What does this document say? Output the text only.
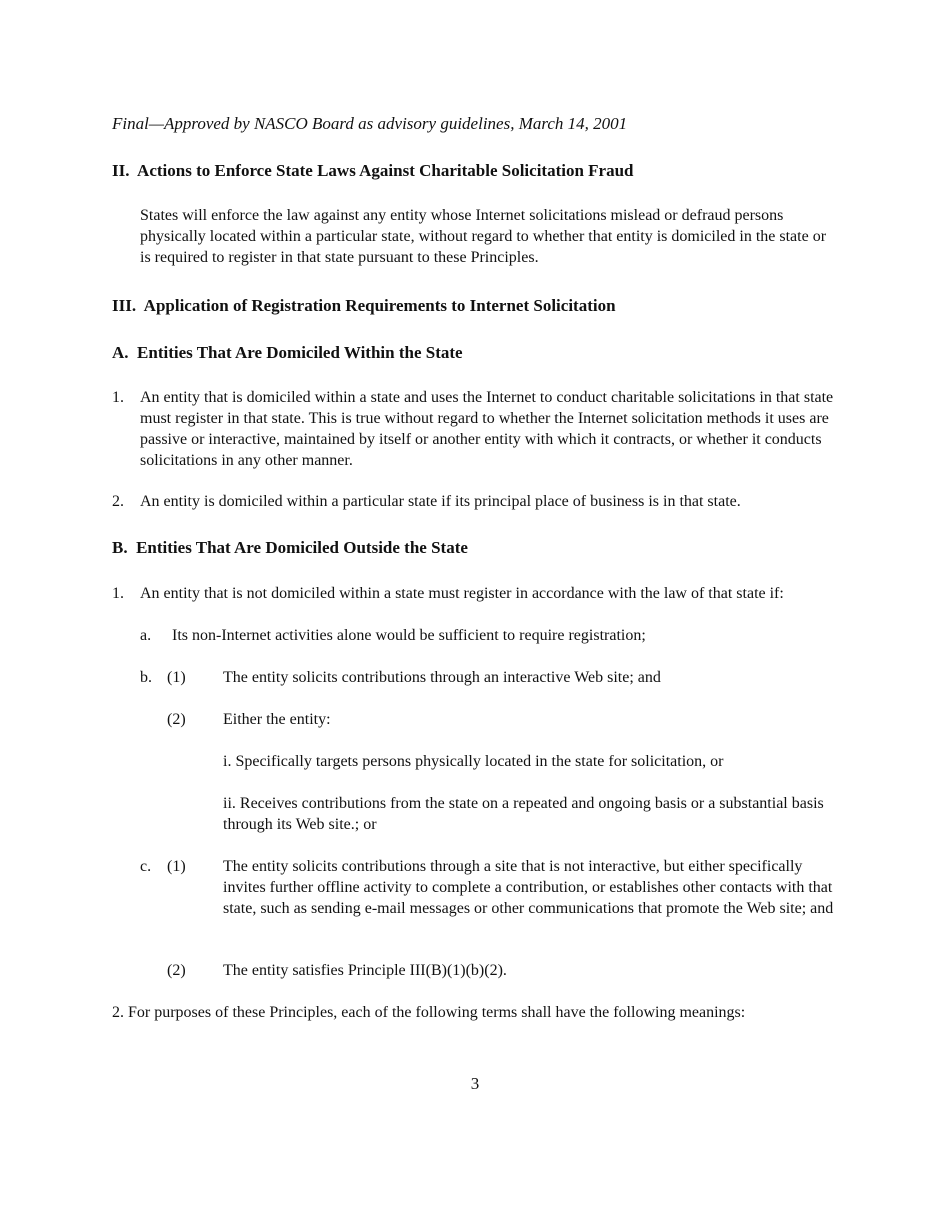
Final—Approved by NASCO Board as advisory guidelines, March 14, 2001

II. Actions to Enforce State Laws Against Charitable Solicitation Fraud

States will enforce the law against any entity whose Internet solicitations mislead or defraud persons physically located within a particular state, without regard to whether that entity is domiciled in the state or is required to register in that state pursuant to these Principles.

III. Application of Registration Requirements to Internet Solicitation

A. Entities That Are Domiciled Within the State

1. An entity that is domiciled within a state and uses the Internet to conduct charitable solicitations in that state must register in that state. This is true without regard to whether the Internet solicitation methods it uses are passive or interactive, maintained by itself or another entity with which it contracts, or whether it conducts solicitations in any other manner.

2. An entity is domiciled within a particular state if its principal place of business is in that state.

B. Entities That Are Domiciled Outside the State

1. An entity that is not domiciled within a state must register in accordance with the law of that state if:

a. Its non-Internet activities alone would be sufficient to require registration;

b. (1) The entity solicits contributions through an interactive Web site; and

(2) Either the entity:

i. Specifically targets persons physically located in the state for solicitation, or

ii. Receives contributions from the state on a repeated and ongoing basis or a substantial basis through its Web site.; or

c. (1) The entity solicits contributions through a site that is not interactive, but either specifically invites further offline activity to complete a contribution, or establishes other contacts with that state, such as sending e-mail messages or other communications that promote the Web site; and

(2) The entity satisfies Principle III(B)(1)(b)(2).

2. For purposes of these Principles, each of the following terms shall have the following meanings:

3
